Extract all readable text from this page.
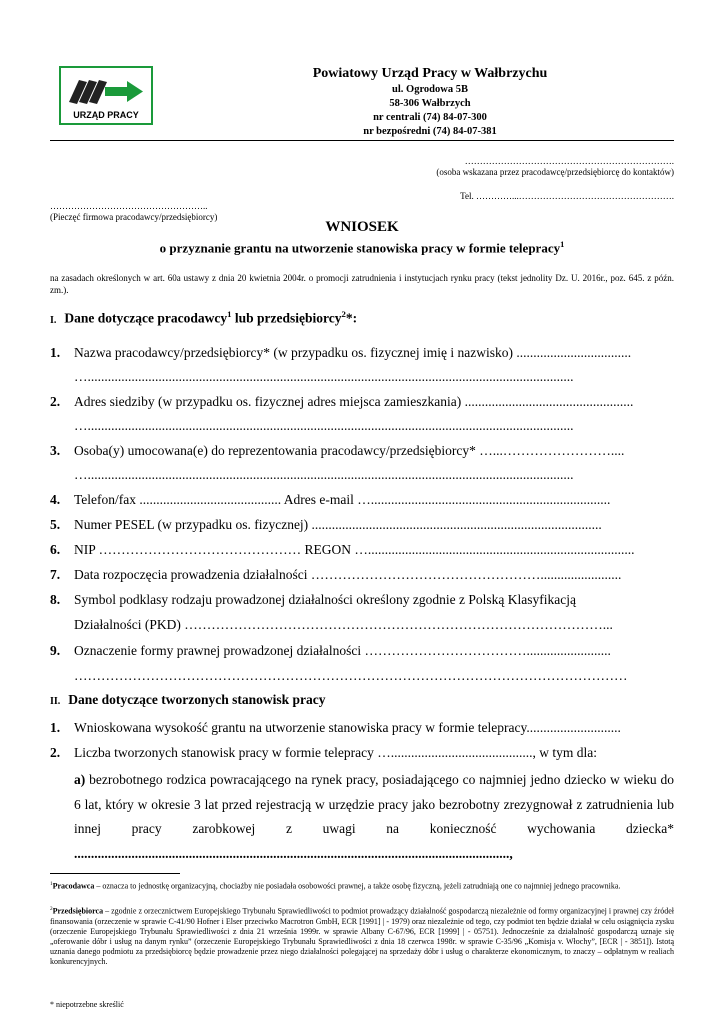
URZĄD PRACY
Powiatowy Urząd Pracy w Wałbrzychu
ul. Ogrodowa 5B
58-306 Wałbrzych
nr centrali (74) 84-07-300
nr bezpośredni (74) 84-07-381
…………………………………………………………….
(osoba wskazana przez pracodawcę/przedsiębiorcę do kontaktów)
Tel. …………...…………………………………………….
……………………………………………..
(Pieczęć firmowa pracodawcy/przedsiębiorcy)
WNIOSEK
o przyznanie grantu na utworzenie stanowiska pracy w formie telepracy$^1$
na zasadach określonych w art. 60a ustawy z dnia 20 kwietnia 2004r. o promocji zatrudnienia i instytucjach rynku pracy (tekst jednolity Dz. U. 2016r., poz. 645. z późn. zm.).
I. Dane dotyczące pracodawcy$^1$ lub przedsiębiorcy$^2$*:
1. Nazwa pracodawcy/przedsiębiorcy* (w przypadku os. fizycznej imię i nazwisko) ..................................
…................................................................................................................................................
2. Adres siedziby (w przypadku os. fizycznej adres miejsca zamieszkania) ..................................................
…................................................................................................................................................
3. Osoba(y) umocowana(e) do reprezentowania pracodawcy/przedsiębiorcy* …...……………………....
…................................................................................................................................................
4. Telefon/fax .......................................... Adres e-mail ….......................................................................
5. Numer PESEL (w przypadku os. fizycznej) ......................................................................................
6. NIP ……………………………………… REGON …...............................................................................
7. Data rozpoczęcia prowadzenia działalności ……………………………………………........................
8. Symbol podklasy rodzaju prowadzonej działalności określony zgodnie z Polską Klasyfikacją
Działalności (PKD) …………………………………………………………………………………...
9. Oznaczenie formy prawnej prowadzonej działalności ……………………………….........................
……………………………………………………………………………………………………………
II. Dane dotyczące tworzonych stanowisk pracy
1. Wnioskowana wysokość grantu na utworzenie stanowiska pracy w formie telepracy............................
2. Liczba tworzonych stanowisk pracy w formie telepracy ….........................................., w tym dla:
a) bezrobotnego rodzica powracającego na rynek pracy, posiadającego co najmniej jedno dziecko w wieku do 6 lat, który w okresie 3 lat przed rejestracją w urzędzie pracy jako bezrobotny zrezygnował z zatrudnienia lub innej pracy zarobkowej z uwagi na konieczność wychowania dziecka* .................................................................................................................................,
$^1$Pracodawca – oznacza to jednostkę organizacyjną, chociażby nie posiadała osobowości prawnej, a także osobę fizyczną, jeżeli zatrudniają one co najmniej jednego pracownika.
$^2$Przedsiębiorca – zgodnie z orzecznictwem Europejskiego Trybunału Sprawiedliwości to podmiot prowadzący działalność gospodarczą niezależnie od formy organizacyjnej i prawnej czy źródeł finansowania (orzeczenie w sprawie C-41/90 Hofner i Elser przeciwko Macrotron GmbH, ECR [1991] | - 1979) oraz niezależnie od tego, czy podmiot ten będzie działał w celu osiągnięcia zysku (orzeczenie Europejskiego Trybunału Sprawiedliwości z dnia 21 września 1999r. w sprawie Albany C-67/96, ECR [1999] | - 05751). Jednocześnie za działalność gospodarczą uznaje się „oferowanie dóbr i usług na danym rynku” (orzeczenie Europejskiego Trybunału Sprawiedliwości z dnia 18 czerwca 1998r. w sprawie C-35/96 „Komisja v. Włochy”, [ECR | - 3851]). Istotą uznania danego podmiotu za przedsiębiorcę będzie prowadzenie przez niego działalności polegającej na sprzedaży dóbr i usług o charakterze ekonomicznym, to znaczy – odpłatnym w realiach konkurencyjnych.
* niepotrzebne skreślić
